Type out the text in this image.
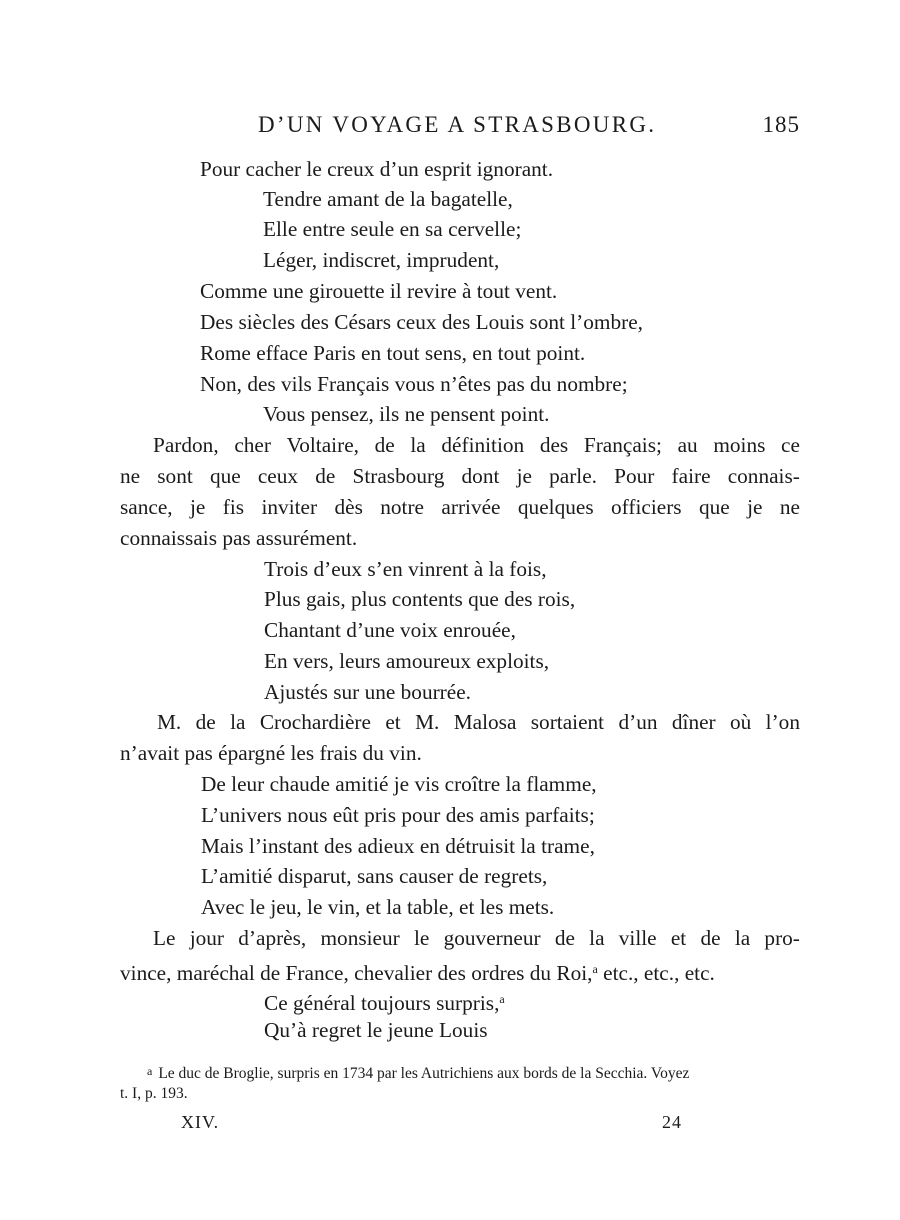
D’UN VOYAGE A STRASBOURG.	185
Pour cacher le creux d’un esprit ignorant.
Tendre amant de la bagatelle,
Elle entre seule en sa cervelle;
Léger, indiscret, imprudent,
Comme une girouette il revire à tout vent.
Des siècles des Césars ceux des Louis sont l’ombre,
Rome efface Paris en tout sens, en tout point.
Non, des vils Français vous n’êtes pas du nombre;
Vous pensez, ils ne pensent point.
Pardon, cher Voltaire, de la définition des Français; au moins ce
ne sont que ceux de Strasbourg dont je parle. Pour faire connais-
sance, je fis inviter dès notre arrivée quelques officiers que je ne
connaissais pas assurément.
Trois d’eux s’en vinrent à la fois,
Plus gais, plus contents que des rois,
Chantant d’une voix enrouée,
En vers, leurs amoureux exploits,
Ajustés sur une bourrée.
M. de la Crochardière et M. Malosa sortaient d’un dîner où l’on
n’avait pas épargné les frais du vin.
De leur chaude amitié je vis croître la flamme,
L’univers nous eût pris pour des amis parfaits;
Mais l’instant des adieux en détruisit la trame,
L’amitié disparut, sans causer de regrets,
Avec le jeu, le vin, et la table, et les mets.
Le jour d’après, monsieur le gouverneur de la ville et de la pro-
vince, maréchal de France, chevalier des ordres du Roi,$^a$ etc., etc., etc.
Ce général toujours surpris,$^a$
Qu’à regret le jeune Louis
a Le duc de Broglie, surpris en 1734 par les Autrichiens aux bords de la Secchia. Voyez
t. I, p. 193.
XIV.	24
